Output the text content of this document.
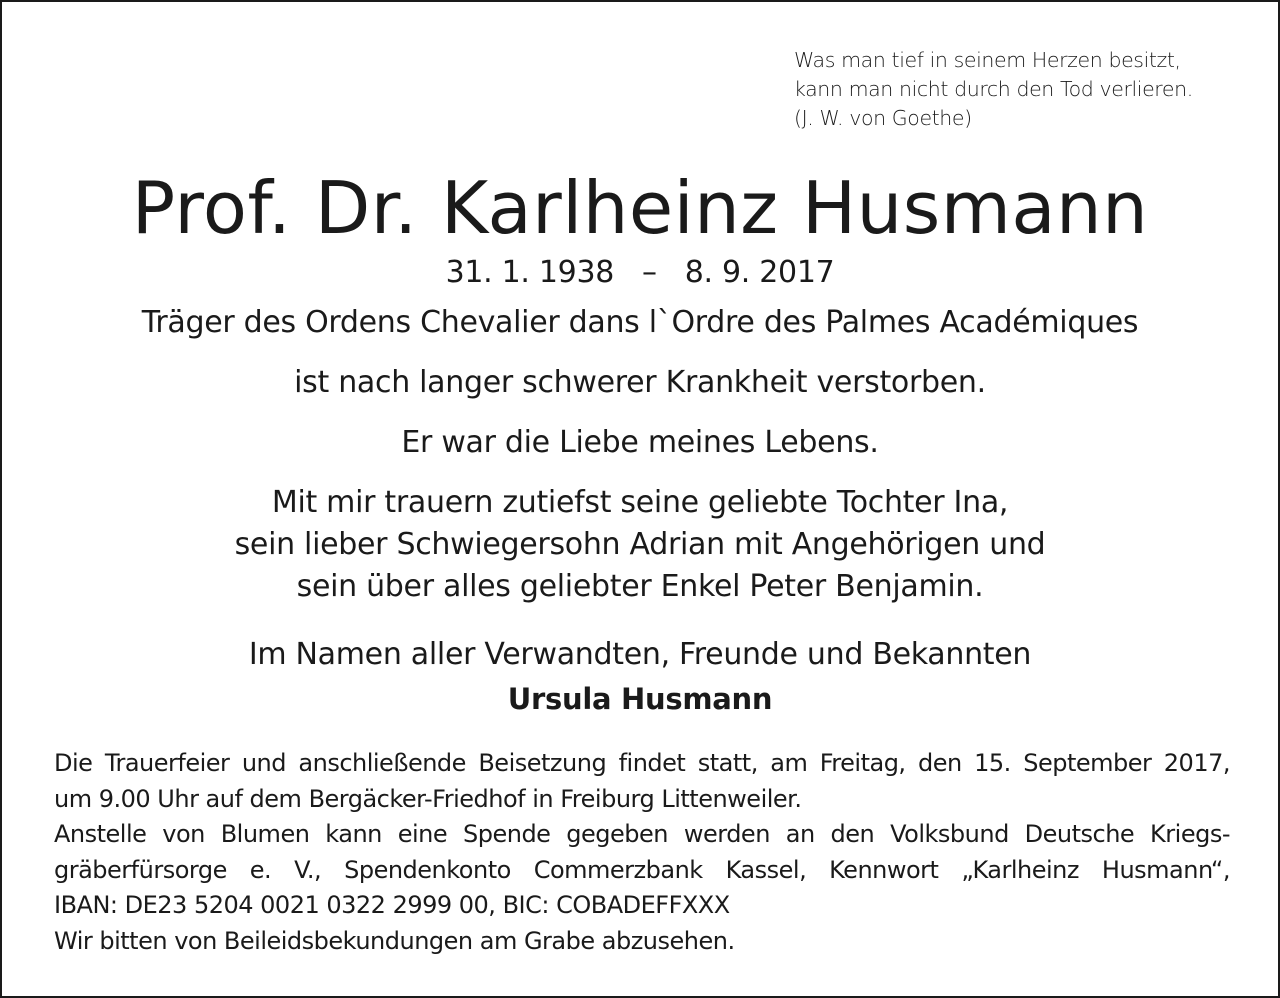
Was man tief in seinem Herzen besitzt,
kann man nicht durch den Tod verlieren.
(J. W. von Goethe)

Prof. Dr. Karlheinz Husmann

31. 1. 1938 – 8. 9. 2017

Träger des Ordens Chevalier dans l`Ordre des Palmes Académiques

ist nach langer schwerer Krankheit verstorben.

Er war die Liebe meines Lebens.

Mit mir trauern zutiefst seine geliebte Tochter Ina,
sein lieber Schwiegersohn Adrian mit Angehörigen und
sein über alles geliebter Enkel Peter Benjamin.

Im Namen aller Verwandten, Freunde und Bekannten

Ursula Husmann

Die Trauerfeier und anschließende Beisetzung findet statt, am Freitag, den 15. September 2017,
um 9.00 Uhr auf dem Bergäcker-Friedhof in Freiburg Littenweiler.
Anstelle von Blumen kann eine Spende gegeben werden an den Volksbund Deutsche Kriegs-
gräberfürsorge e. V., Spendenkonto Commerzbank Kassel, Kennwort „Karlheinz Husmann“,
IBAN: DE23 5204 0021 0322 2999 00, BIC: COBADEFFXXX
Wir bitten von Beileidsbekundungen am Grabe abzusehen.
